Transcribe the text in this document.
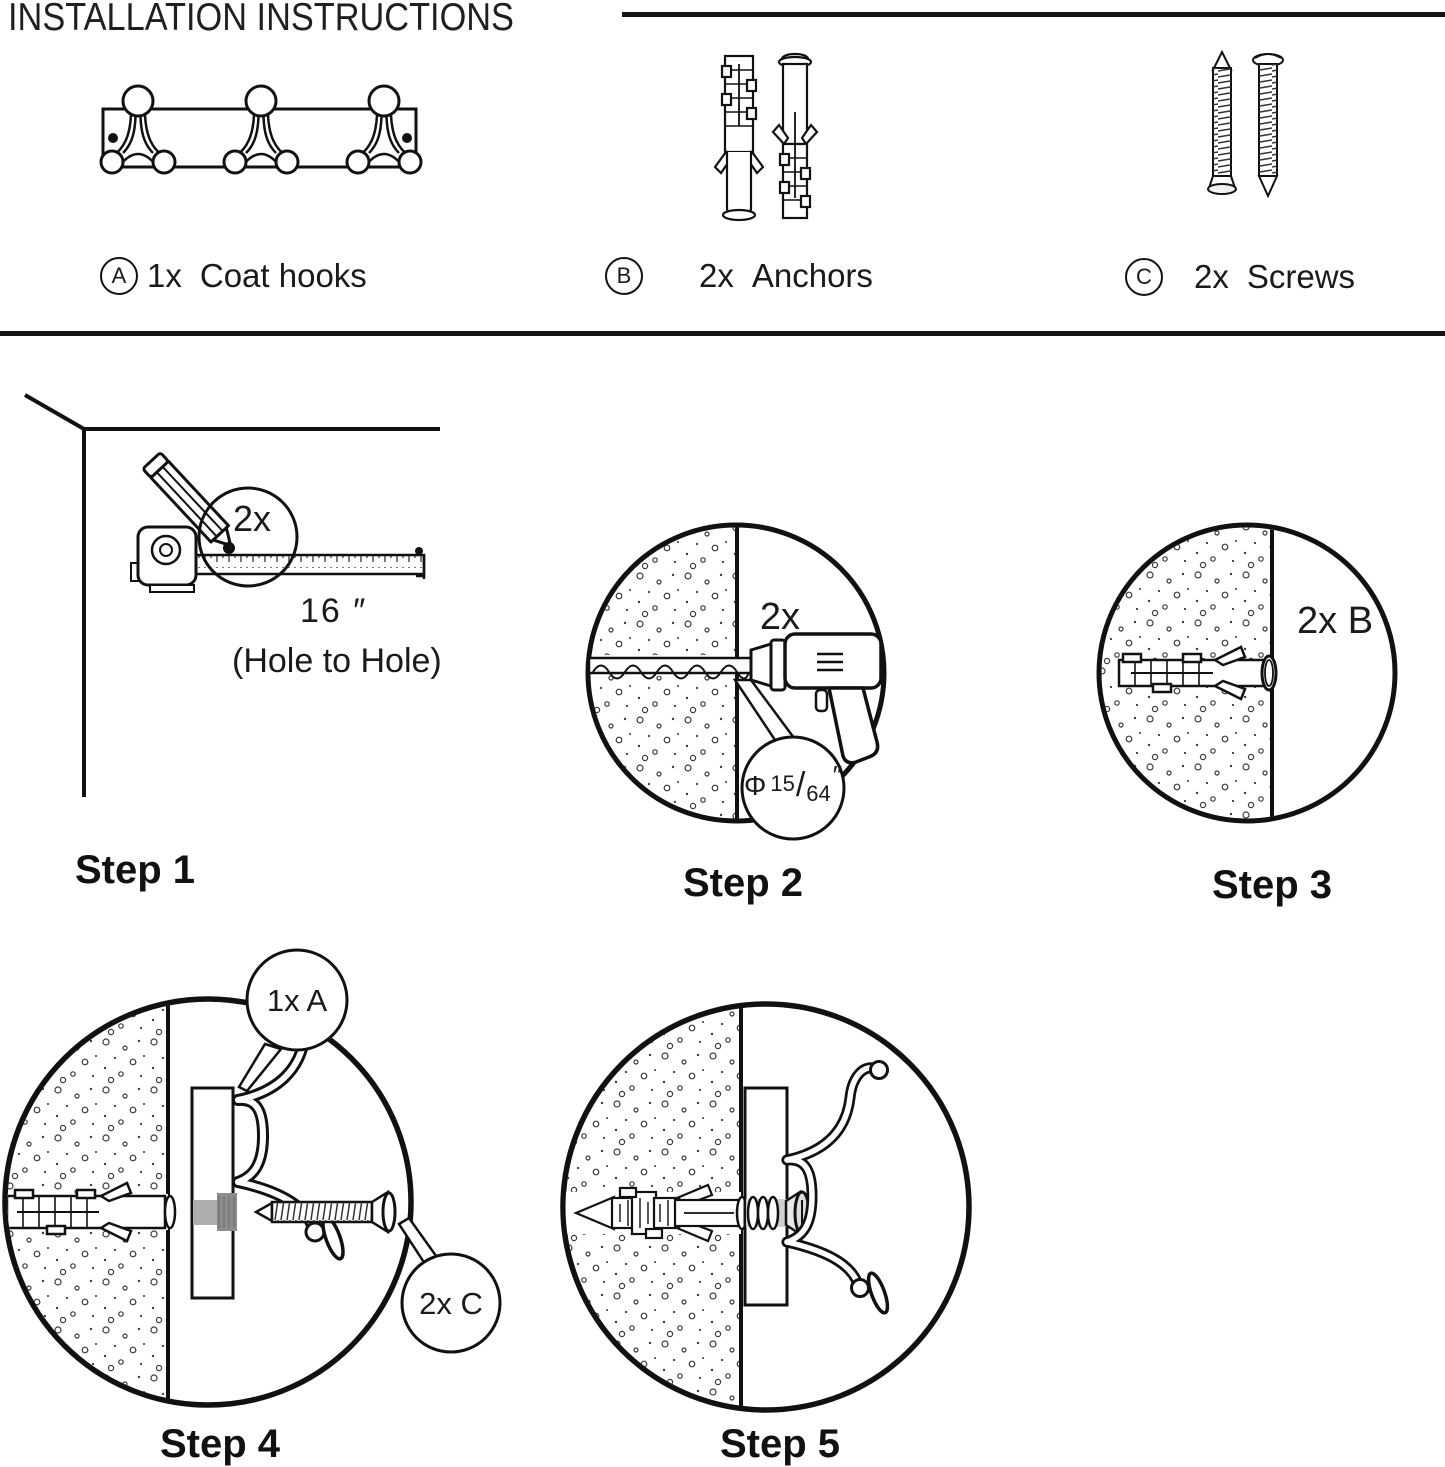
INSTALLATION INSTRUCTIONS
A 1x Coat hooks	B	2x Anchors	C	2x Screws
2x
16 ″
(Hole to Hole)
2x
Φ 15 / 64
″
2x B
1x A
2x C
Step 1	Step 2	Step 3
Step 4	Step 5
